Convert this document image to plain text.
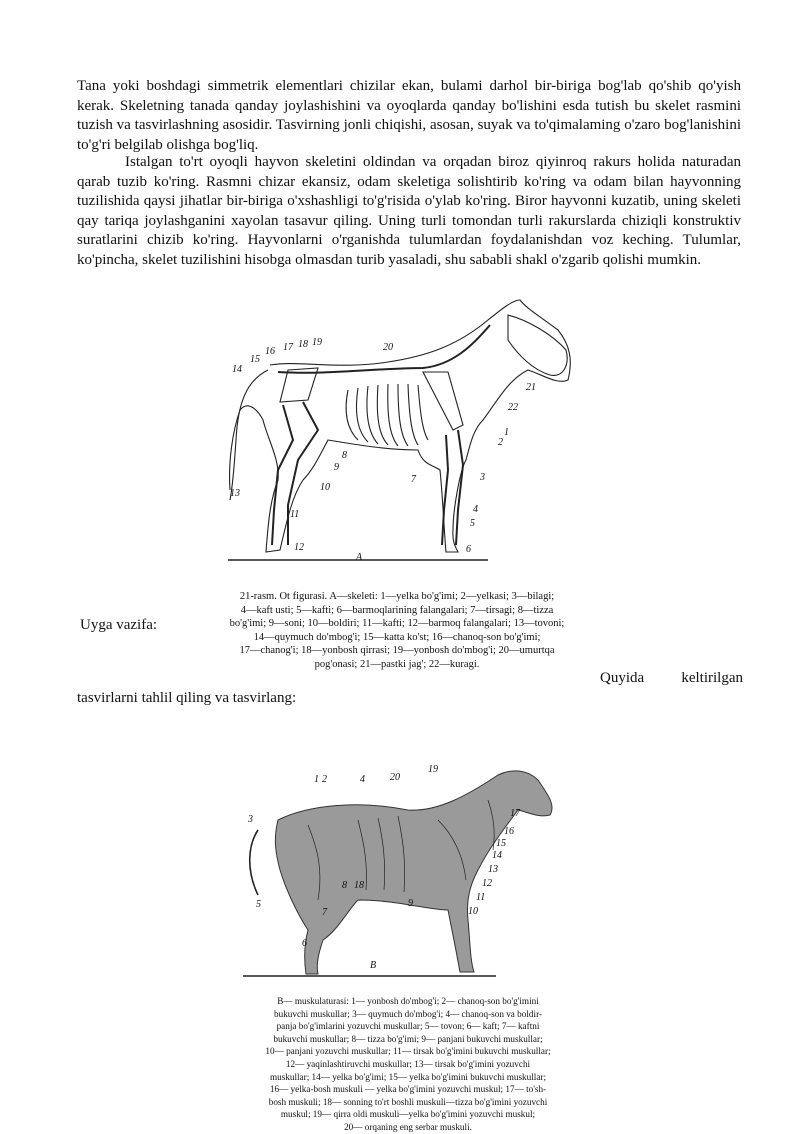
Tana yoki boshdagi simmetrik elementlari chizilar ekan, bulami darhol bir-biriga bog'lab qo'shib qo'yish kerak. Skeletning tanada qanday joylashishini va oyoqlarda qanday bo'lishini esda tutish bu skelet rasmini tuzish va tasvirlashning asosidir. Tasvirning jonli chiqishi, asosan, suyak va to'qimalaming o'zaro bog'lanishini to'g'ri belgilab olishga bog'liq.

Istalgan to'rt oyoqli hayvon skeletini oldindan va orqadan biroz qiyinroq rakurs holida naturadan qarab tuzib ko'ring. Rasmni chizar ekansiz, odam skeletiga solishtirib ko'ring va odam bilan hayvonning tuzilishida qaysi jihatlar bir-biriga o'xshashligi to'g'risida o'ylab ko'ring. Biror hayvonni kuzatib, uning skeleti qay tariqa joylashganini xayolan tasavur qiling. Uning turli tomondan turli rakurslarda chiziqli konstruktiv suratlarini chizib ko'ring. Hayvonlarni o'rganishda tulumlardan foydalanishdan voz keching. Tulumlar, ko'pincha, skelet tuzilishini hisobga olmasdan turib yasaladi, shu sababli shakl o'zgarib qolishi mumkin.

1
2
3
4
5
6
7
8
9
10
11
12
13
14
15
16 17 18 19	20
21
22
A
21-rasm. Ot figurasi. A—skeleti: 1—yelka bo'g'imi; 2—yelkasi; 3—bilagi;
4—kaft usti; 5—kafti; 6—barmoqlarining falangalari; 7—tirsagi; 8—tizza
bo'g'imi; 9—soni; 10—boldiri; 11—kafti; 12—barmoq falangalari; 13—tovoni;
14—quymuch do'mbog'i; 15—katta ko'st; 16—chanoq-son bo'g'imi;
17—chanog'i; 18—yonbosh qirrasi; 19—yonbosh do'mbog'i; 20—umurtqa
pog'onasi; 21—pastki jag'; 22—kuragi.
Uyga vazifa:
Quyida keltirilgan
tasvirlarni tahlil qiling va tasvirlang:
1 2
3
4
5
6
7
8
9
10
11
12
13
14
15
16
17
18
19
20
B
B— muskulaturasi: 1— yonbosh do'mbog'i; 2— chanoq-son bo'g'imini
bukuvchi muskullar; 3— quymuch do'mbog'i; 4— chanoq-son va boldir-
panja bo'g'imlarini yozuvchi muskullar; 5— tovon; 6— kaft; 7— kaftni
bukuvchi muskullar; 8— tizza bo'g'imi; 9— panjani bukuvchi muskullar;
10— panjani yozuvchi muskullar; 11— tirsak bo'g'imini bukuvchi muskullar;
12— yaqinlashtiruvchi muskullar; 13— tirsak bo'g'imini yozuvchi
muskullar; 14— yelka bo'g'imi; 15— yelka bo'g'imini bukuvchi muskullar;
16— yelka-bosh muskuli — yelka bo'g'imini yozuvchi muskul; 17— to'sh-
bosh muskuli; 18— sonning to'rt boshli muskuli—tizza bo'g'imini yozuvchi
muskul; 19— qirra oldi muskuli—yelka bo'g'imini yozuvchi muskul;
20— orqaning eng serbar muskuli.
